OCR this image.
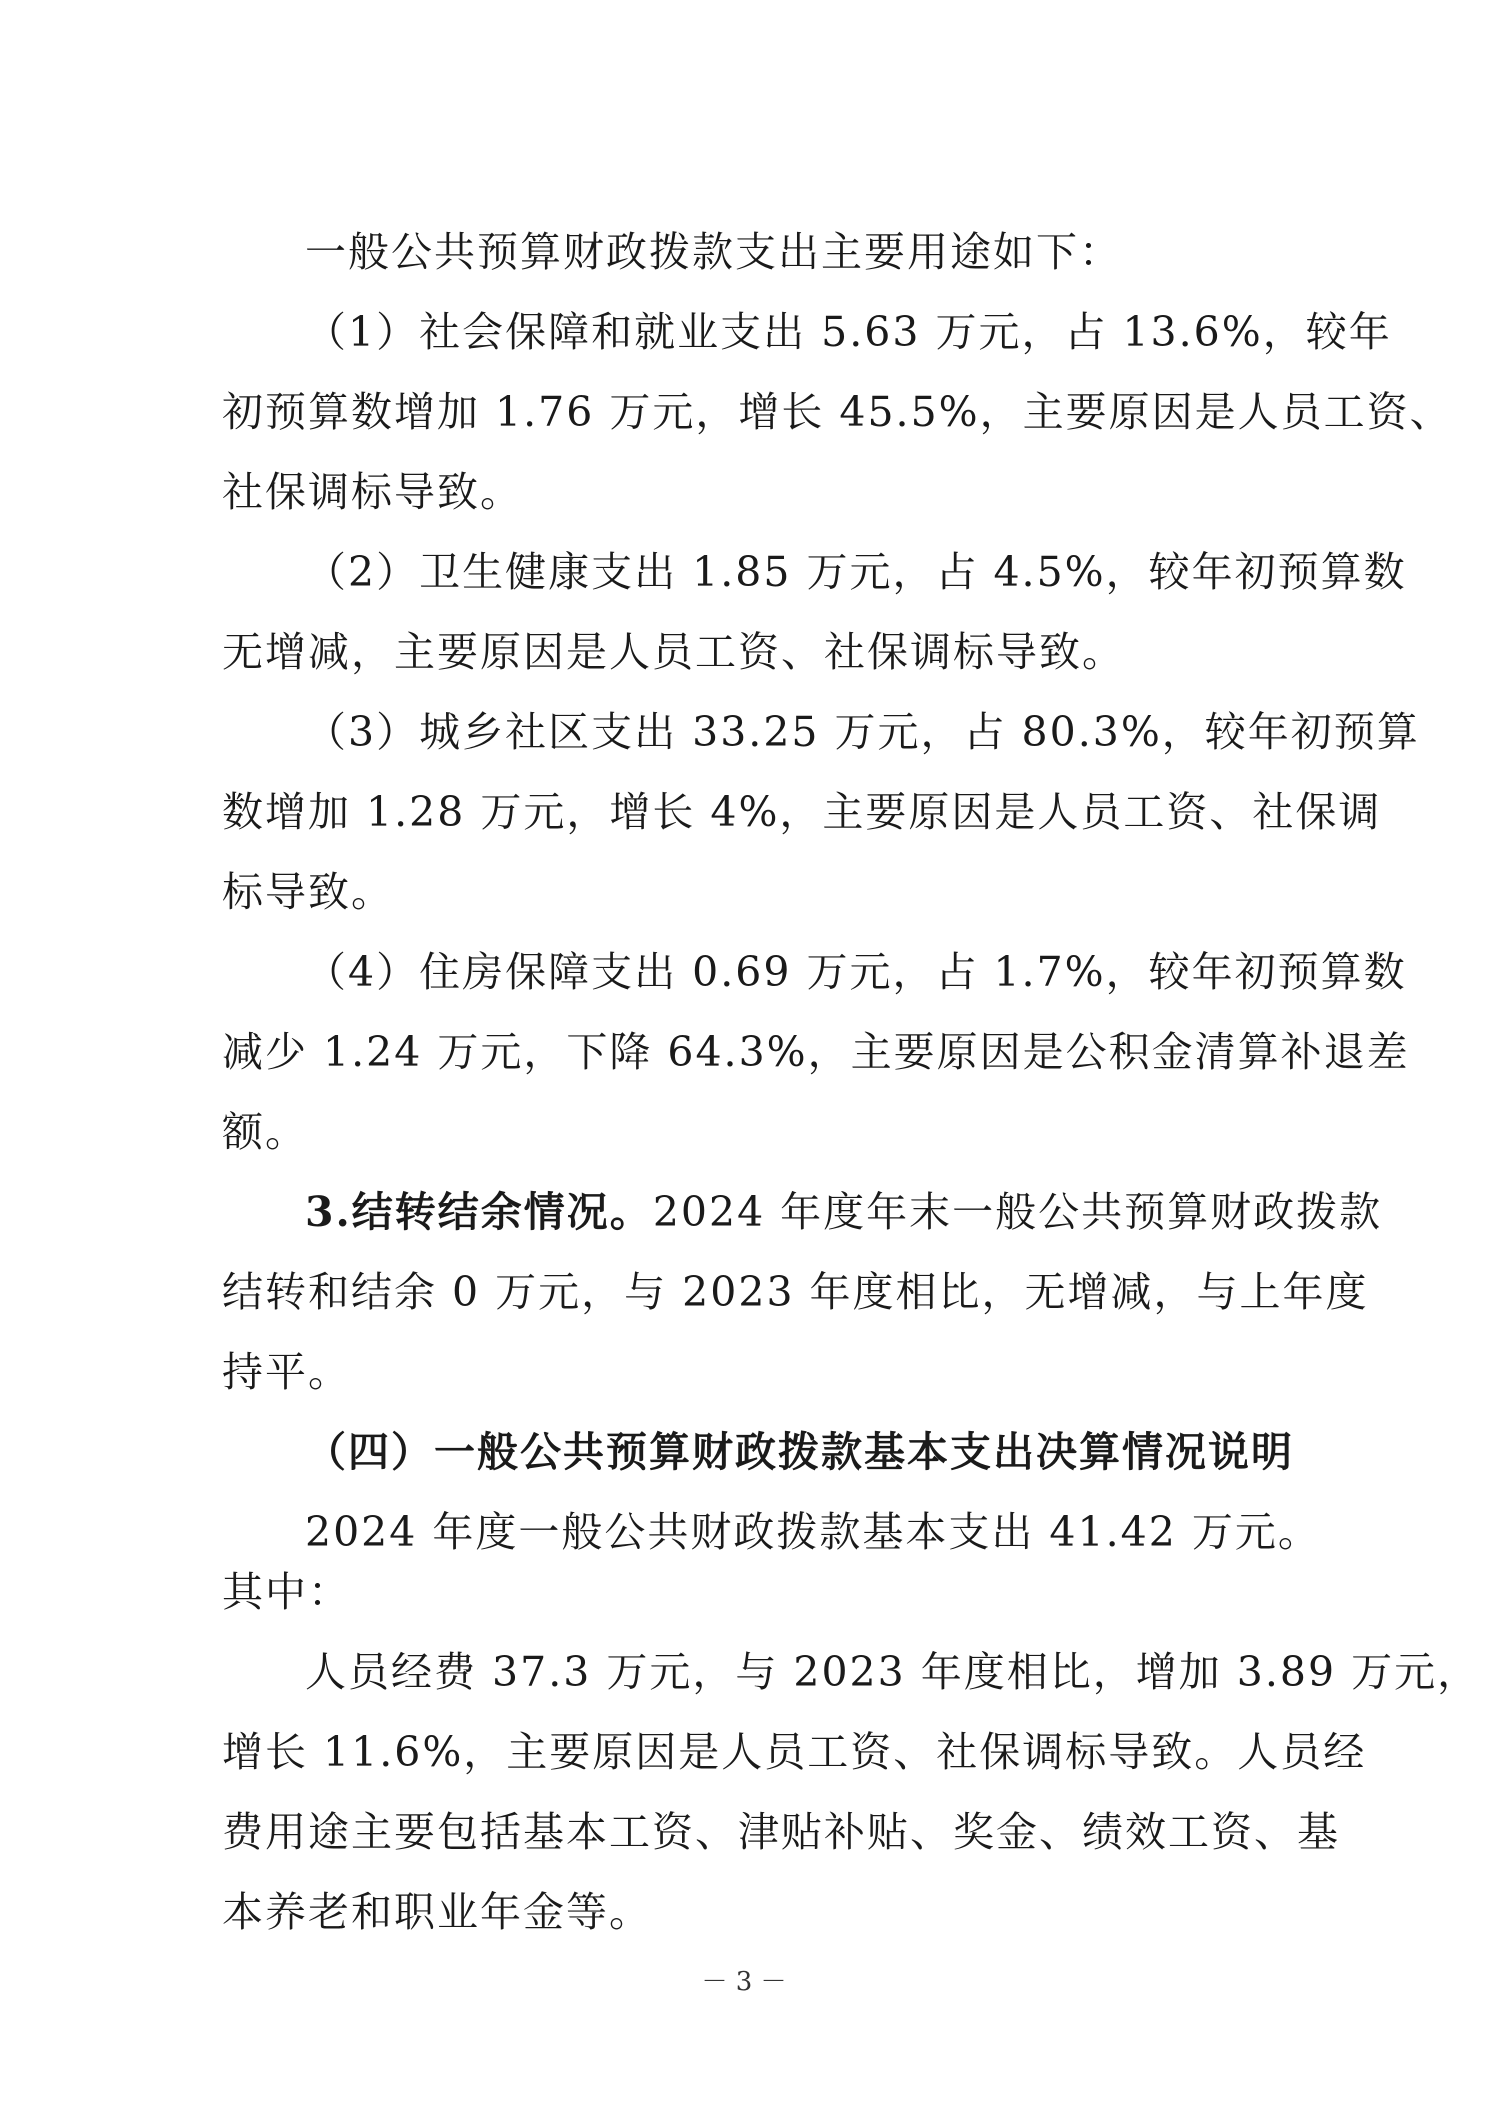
一般公共预算财政拨款支出主要用途如下：
（1）社会保障和就业支出 5.63 万元，占 13.6%，较年
初预算数增加 1.76 万元，增长 45.5%，主要原因是人员工资、
社保调标导致。
（2）卫生健康支出 1.85 万元，占 4.5%，较年初预算数
无增减，主要原因是人员工资、社保调标导致。
（3）城乡社区支出 33.25 万元，占 80.3%，较年初预算
数增加 1.28 万元，增长 4%，主要原因是人员工资、社保调
标导致。
（4）住房保障支出 0.69 万元，占 1.7%，较年初预算数
减少 1.24 万元，下降 64.3%，主要原因是公积金清算补退差
额。
3.结转结余情况。2024 年度年末一般公共预算财政拨款
结转和结余 0 万元，与 2023 年度相比，无增减，与上年度
持平。
（四）一般公共预算财政拨款基本支出决算情况说明
2024 年度一般公共财政拨款基本支出 41.42 万元。
其中：
人员经费 37.3 万元，与 2023 年度相比，增加 3.89 万元，
增长 11.6%，主要原因是人员工资、社保调标导致。人员经
费用途主要包括基本工资、津贴补贴、奖金、绩效工资、基
本养老和职业年金等。
－ 3 －
